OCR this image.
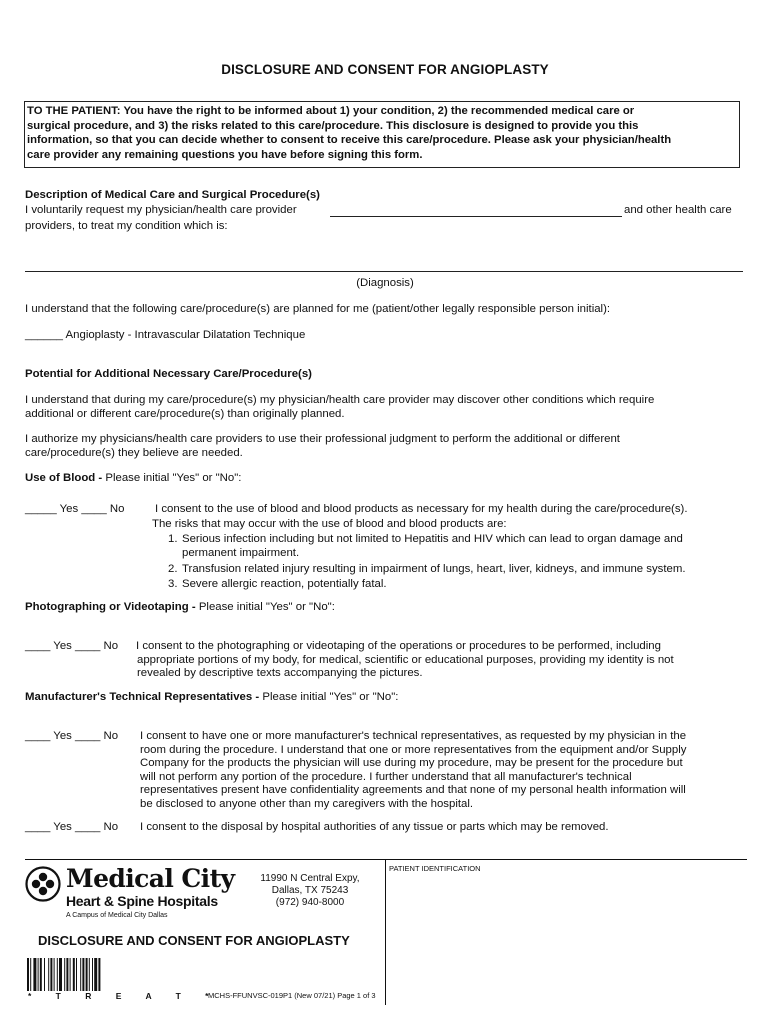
DISCLOSURE AND CONSENT FOR ANGIOPLASTY
TO THE PATIENT: You have the right to be informed about 1) your condition, 2) the recommended medical care or
surgical procedure, and 3) the risks related to this care/procedure. This disclosure is designed to provide you this
information, so that you can decide whether to consent to receive this care/procedure. Please ask your physician/health
care provider any remaining questions you have before signing this form.
Description of Medical Care and Surgical Procedure(s)
I voluntarily request my physician/health care provider	and other health care
providers, to treat my condition which is:
(Diagnosis)
I understand that the following care/procedure(s) are planned for me (patient/other legally responsible person initial):
______ Angioplasty - Intravascular Dilatation Technique
Potential for Additional Necessary Care/Procedure(s)
I understand that during my care/procedure(s) my physician/health care provider may discover other conditions which require
additional or different care/procedure(s) than originally planned.
I authorize my physicians/health care providers to use their professional judgment to perform the additional or different
care/procedure(s) they believe are needed.
Use of Blood - Please initial "Yes" or "No":
_____ Yes ____ No	I consent to the use of blood and blood products as necessary for my health during the care/procedure(s).
The risks that may occur with the use of blood and blood products are:
1. Serious infection including but not limited to Hepatitis and HIV which can lead to organ damage and
permanent impairment.
2. Transfusion related injury resulting in impairment of lungs, heart, liver, kidneys, and immune system.
3. Severe allergic reaction, potentially fatal.
Photographing or Videotaping - Please initial "Yes" or "No":
____ Yes ____ No I consent to the photographing or videotaping of the operations or procedures to be performed, including
appropriate portions of my body, for medical, scientific or educational purposes, providing my identity is not
revealed by descriptive texts accompanying the pictures.
Manufacturer's Technical Representatives - Please initial "Yes" or "No":
____ Yes ____ No I consent to have one or more manufacturer's technical representatives, as requested by my physician in the
room during the procedure. I understand that one or more representatives from the equipment and/or Supply
Company for the products the physician will use during my procedure, may be present for the procedure but
will not perform any portion of the procedure. I further understand that all manufacturer's technical
representatives present have confidentiality agreements and that none of my personal health information will
be disclosed to anyone other than my caregivers with the hospital.
____ Yes ____ No I consent to the disposal by hospital authorities of any tissue or parts which may be removed.
Medical City
Heart & Spine Hospitals
A Campus of Medical City Dallas
11990 N Central Expy,
Dallas, TX 75243
(972) 940-8000
PATIENT IDENTIFICATION
DISCLOSURE AND CONSENT FOR ANGIOPLASTY
* T R E A T *
MCHS-FFUNVSC-019P1 (New 07/21) Page 1 of 3
